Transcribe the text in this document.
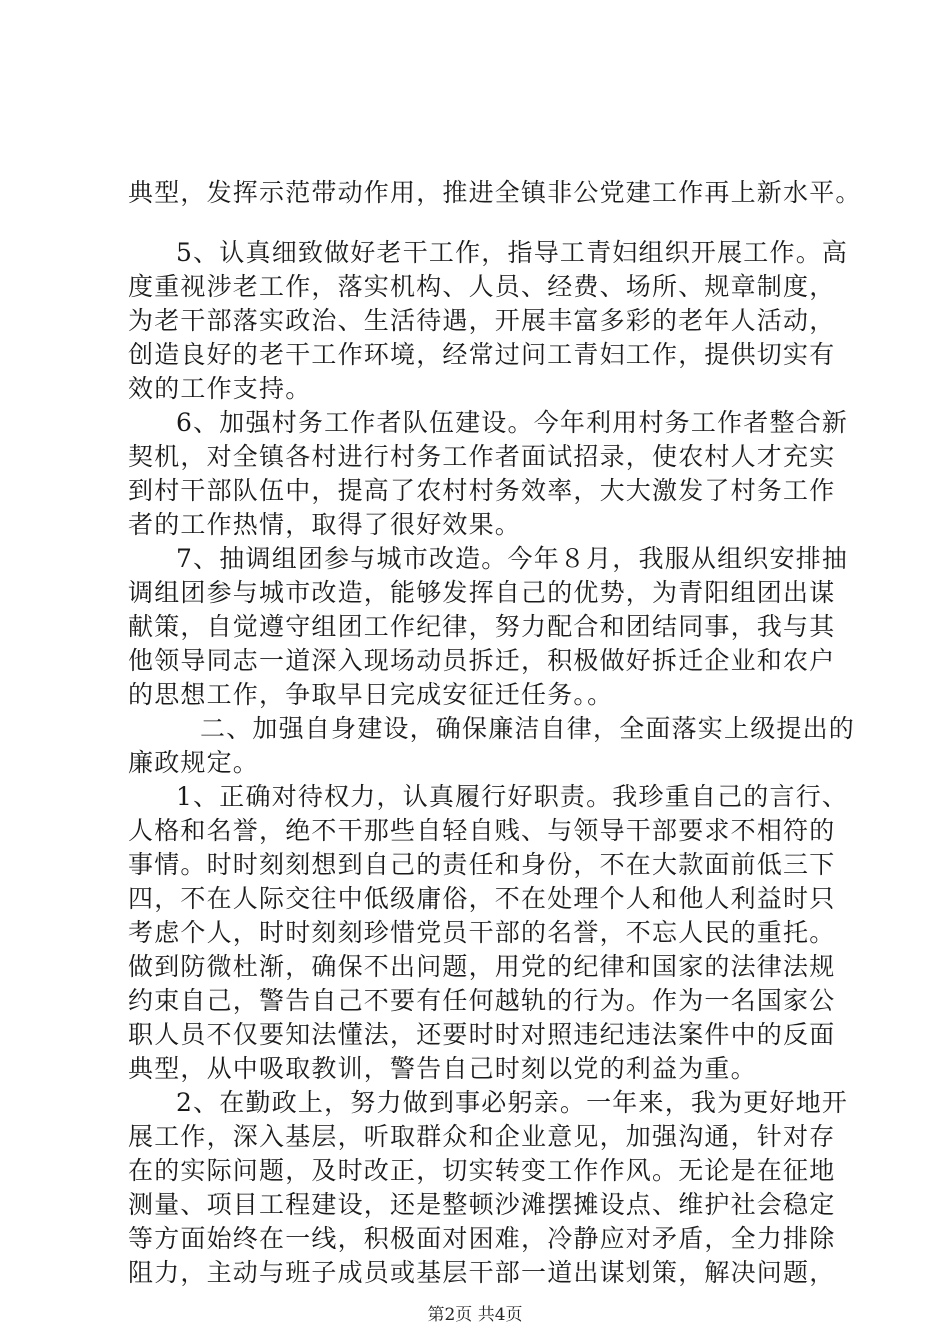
典型，发挥示范带动作用，推进全镇非公党建工作再上新水平。
5、认真细致做好老干工作，指导工青妇组织开展工作。高
度重视涉老工作，落实机构、人员、经费、场所、规章制度，
为老干部落实政治、生活待遇，开展丰富多彩的老年人活动，
创造良好的老干工作环境，经常过问工青妇工作，提供切实有
效的工作支持。
6、加强村务工作者队伍建设。今年利用村务工作者整合新
契机，对全镇各村进行村务工作者面试招录，使农村人才充实
到村干部队伍中，提高了农村村务效率，大大激发了村务工作
者的工作热情，取得了很好效果。
7、抽调组团参与城市改造。今年８月，我服从组织安排抽
调组团参与城市改造，能够发挥自己的优势，为青阳组团出谋
献策，自觉遵守组团工作纪律，努力配合和团结同事，我与其
他领导同志一道深入现场动员拆迁，积极做好拆迁企业和农户
的思想工作，争取早日完成安征迁任务。。
二、加强自身建设，确保廉洁自律，全面落实上级提出的
廉政规定。
1、正确对待权力，认真履行好职责。我珍重自己的言行、
人格和名誉，绝不干那些自轻自贱、与领导干部要求不相符的
事情。时时刻刻想到自己的责任和身份，不在大款面前低三下
四，不在人际交往中低级庸俗，不在处理个人和他人利益时只
考虑个人，时时刻刻珍惜党员干部的名誉，不忘人民的重托。
做到防微杜渐，确保不出问题，用党的纪律和国家的法律法规
约束自己，警告自己不要有任何越轨的行为。作为一名国家公
职人员不仅要知法懂法，还要时时对照违纪违法案件中的反面
典型，从中吸取教训，警告自己时刻以党的利益为重。
2、在勤政上，努力做到事必躬亲。一年来，我为更好地开
展工作，深入基层，听取群众和企业意见，加强沟通，针对存
在的实际问题，及时改正，切实转变工作作风。无论是在征地
测量、项目工程建设，还是整顿沙滩摆摊设点、维护社会稳定
等方面始终在一线，积极面对困难，冷静应对矛盾，全力排除
阻力，主动与班子成员或基层干部一道出谋划策，解决问题，
第2页 共4页
